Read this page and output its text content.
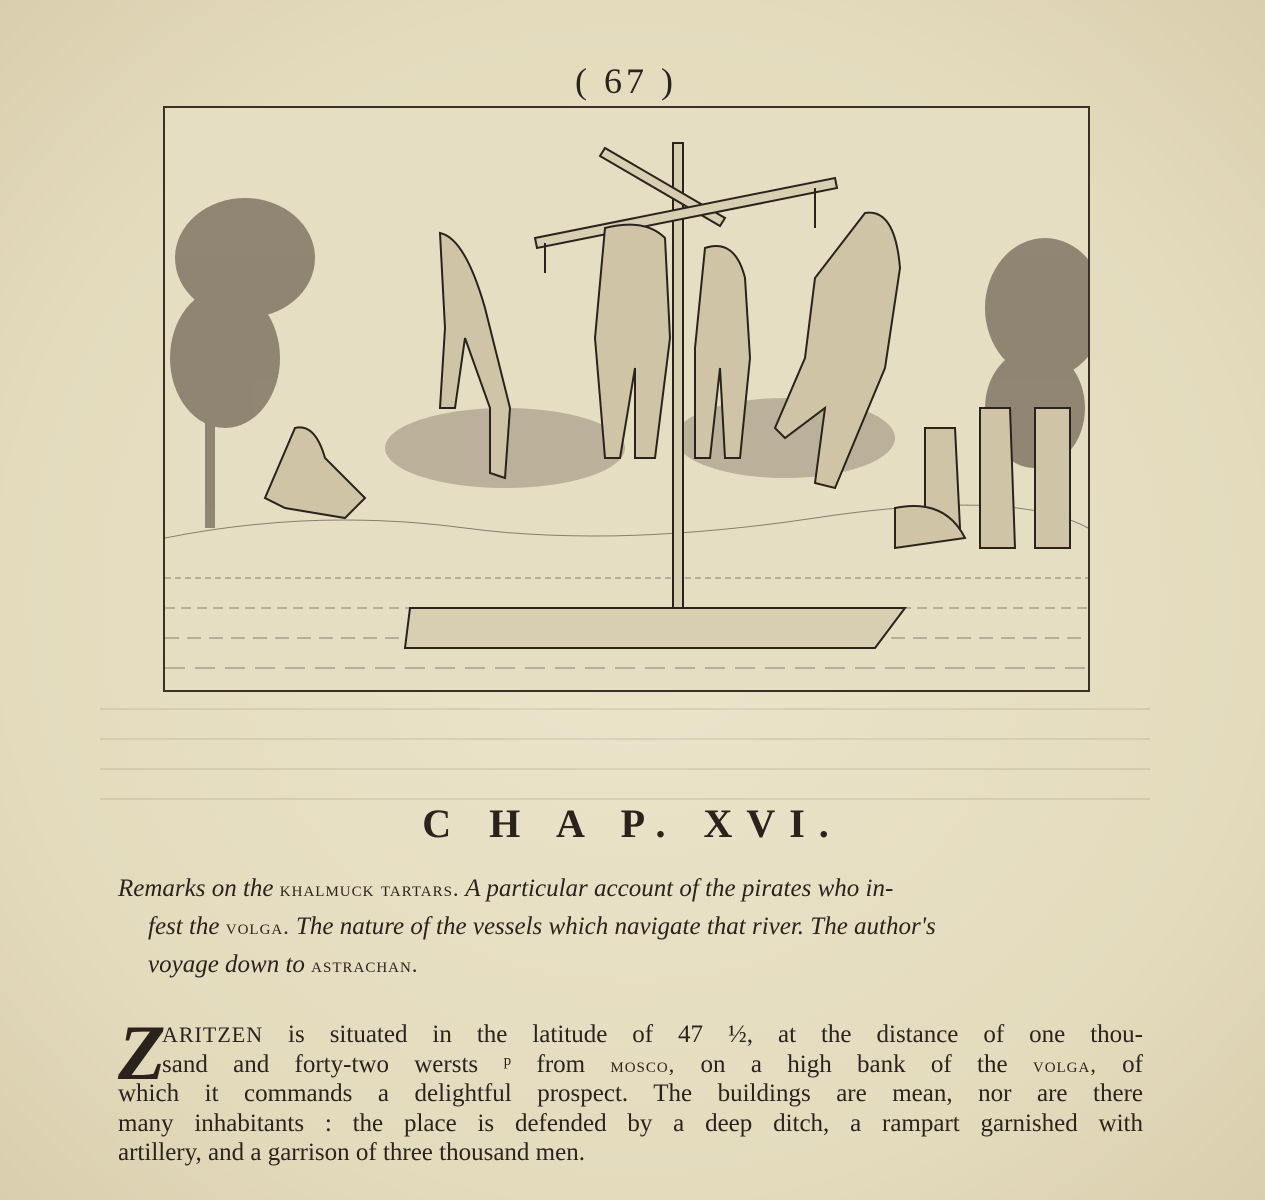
( 67 )
C H A P. XVI.
Remarks on the khalmuck tartars. A particular account of the pirates who in-
fest the volga. The nature of the vessels which navigate that river. The author's
voyage down to astrachan.
Z
ARITZEN is situated in the latitude of 47 ½, at the distance of one thou-
sand and forty-two wersts ᵖ from mosco, on a high bank of the volga, of
which it commands a delightful prospect. The buildings are mean, nor are there
many inhabitants : the place is defended by a deep ditch, a rampart garnished with
artillery, and a garrison of three thousand men.
